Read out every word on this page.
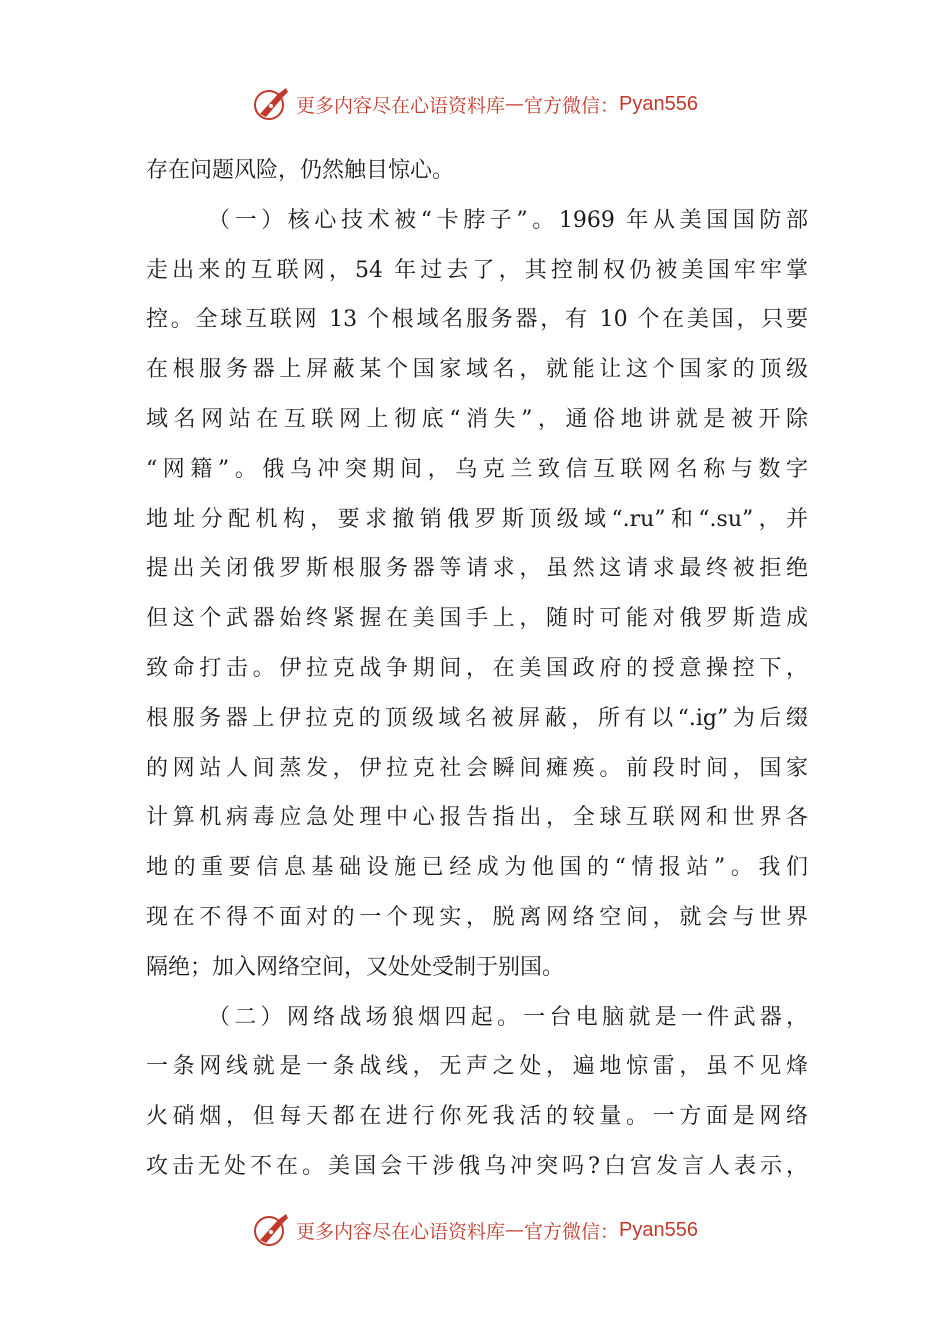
更多内容尽在心语资料库 — 官方微信： Pyan556
存在问题风险，仍然触目惊心。
（一）核心技术被“卡脖子”。1969 年从美国国防部
走出来的互联网，54 年过去了，其控制权仍被美国牢牢掌
控。全球互联网 13 个根域名服务器，有 10 个在美国，只要
在根服务器上屏蔽某个国家域名，就能让这个国家的顶级
域名网站在互联网上彻底“消失”，通俗地讲就是被开除
“网籍”。俄乌冲突期间，乌克兰致信互联网名称与数字
地址分配机构，要求撤销俄罗斯顶级域“.ru”和“.su”，并
提出关闭俄罗斯根服务器等请求，虽然这请求最终被拒绝
但这个武器始终紧握在美国手上，随时可能对俄罗斯造成
致命打击。伊拉克战争期间，在美国政府的授意操控下，
根服务器上伊拉克的顶级域名被屏蔽，所有以“.ig”为后缀
的网站人间蒸发，伊拉克社会瞬间瘫痪。前段时间，国家
计算机病毒应急处理中心报告指出，全球互联网和世界各
地的重要信息基础设施已经成为他国的“情报站”。我们
现在不得不面对的一个现实，脱离网络空间，就会与世界
隔绝；加入网络空间，又处处受制于别国。
（二）网络战场狼烟四起。一台电脑就是一件武器，
一条网线就是一条战线，无声之处，遍地惊雷，虽不见烽
火硝烟，但每天都在进行你死我活的较量。一方面是网络
攻击无处不在。美国会干涉俄乌冲突吗?白宫发言人表示，
更多内容尽在心语资料库 — 官方微信： Pyan556
